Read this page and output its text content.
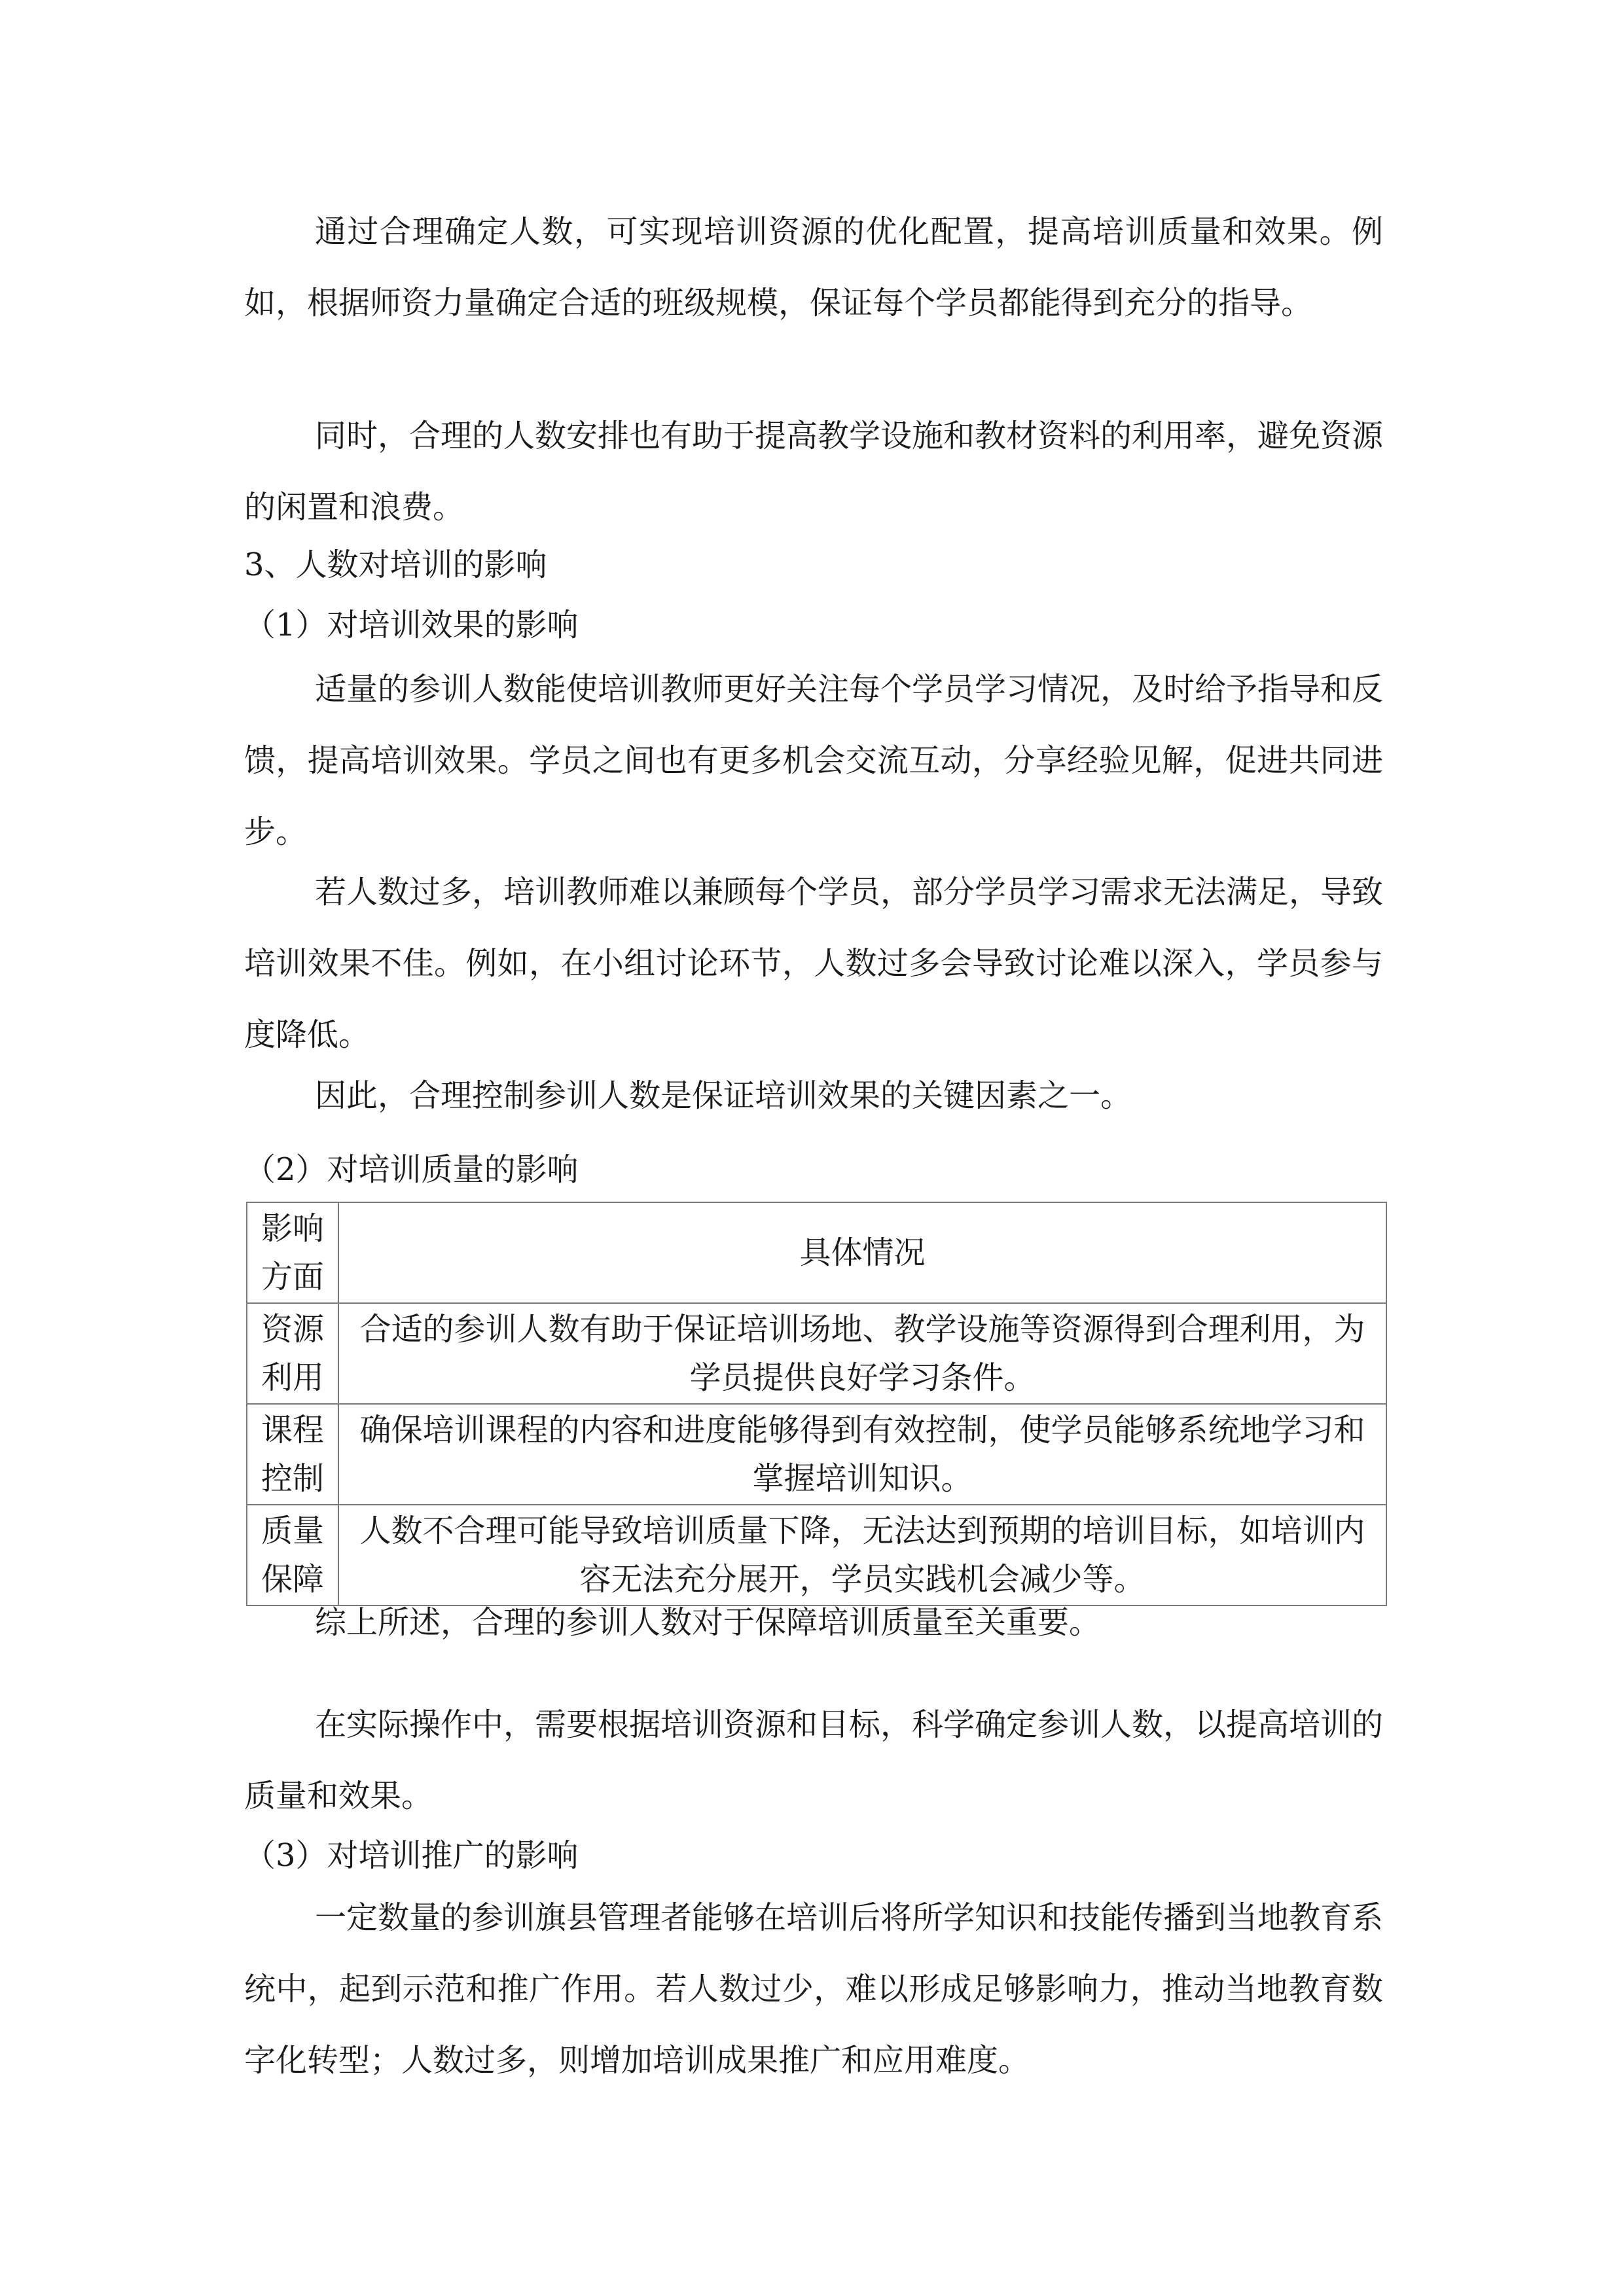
通过合理确定人数，可实现培训资源的优化配置，提高培训质量和效果。例如，根据师资力量确定合适的班级规模，保证每个学员都能得到充分的指导。

同时，合理的人数安排也有助于提高教学设施和教材资料的利用率，避免资源的闲置和浪费。

3、人数对培训的影响

（1）对培训效果的影响

适量的参训人数能使培训教师更好关注每个学员学习情况，及时给予指导和反馈，提高培训效果。学员之间也有更多机会交流互动，分享经验见解，促进共同进步。

若人数过多，培训教师难以兼顾每个学员，部分学员学习需求无法满足，导致培训效果不佳。例如，在小组讨论环节，人数过多会导致讨论难以深入，学员参与度降低。

因此，合理控制参训人数是保证培训效果的关键因素之一。

（2）对培训质量的影响

影响方面	具体情况
资源利用	合适的参训人数有助于保证培训场地、教学设施等资源得到合理利用，为学员提供良好学习条件。
课程控制	确保培训课程的内容和进度能够得到有效控制，使学员能够系统地学习和掌握培训知识。
质量保障	人数不合理可能导致培训质量下降，无法达到预期的培训目标，如培训内容无法充分展开，学员实践机会减少等。

综上所述，合理的参训人数对于保障培训质量至关重要。

在实际操作中，需要根据培训资源和目标，科学确定参训人数，以提高培训的质量和效果。

（3）对培训推广的影响

一定数量的参训旗县管理者能够在培训后将所学知识和技能传播到当地教育系统中，起到示范和推广作用。若人数过少，难以形成足够影响力，推动当地教育数字化转型；人数过多，则增加培训成果推广和应用难度。
